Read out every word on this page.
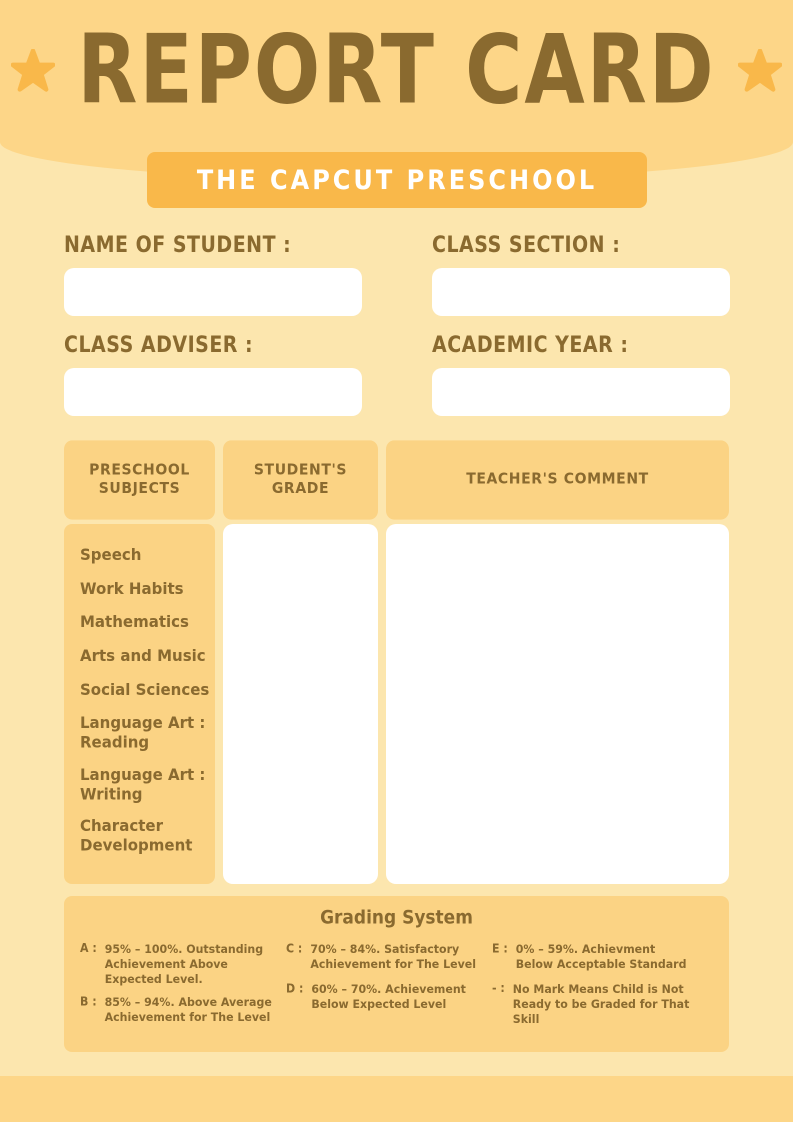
REPORT CARD
THE CAPCUT PRESCHOOL
NAME OF STUDENT :	CLASS SECTION :
CLASS ADVISER :	ACADEMIC YEAR :
PRESCHOOL SUBJECTS
STUDENT'S GRADE
TEACHER'S COMMENT
Speech
Work Habits
Mathematics
Arts and Music
Social Sciences
Language Art : Reading
Language Art : Writing
Character Development
Grading System
A : 95% – 100%. Outstanding Achievement Above Expected Level.
B : 85% – 94%. Above Average Achievement for The Level
C : 70% – 84%. Satisfactory Achievement for The Level
D : 60% – 70%. Achievement Below Expected Level
E : 0% – 59%. Achievment Below Acceptable Standard
- : No Mark Means Child is Not Ready to be Graded for That Skill
